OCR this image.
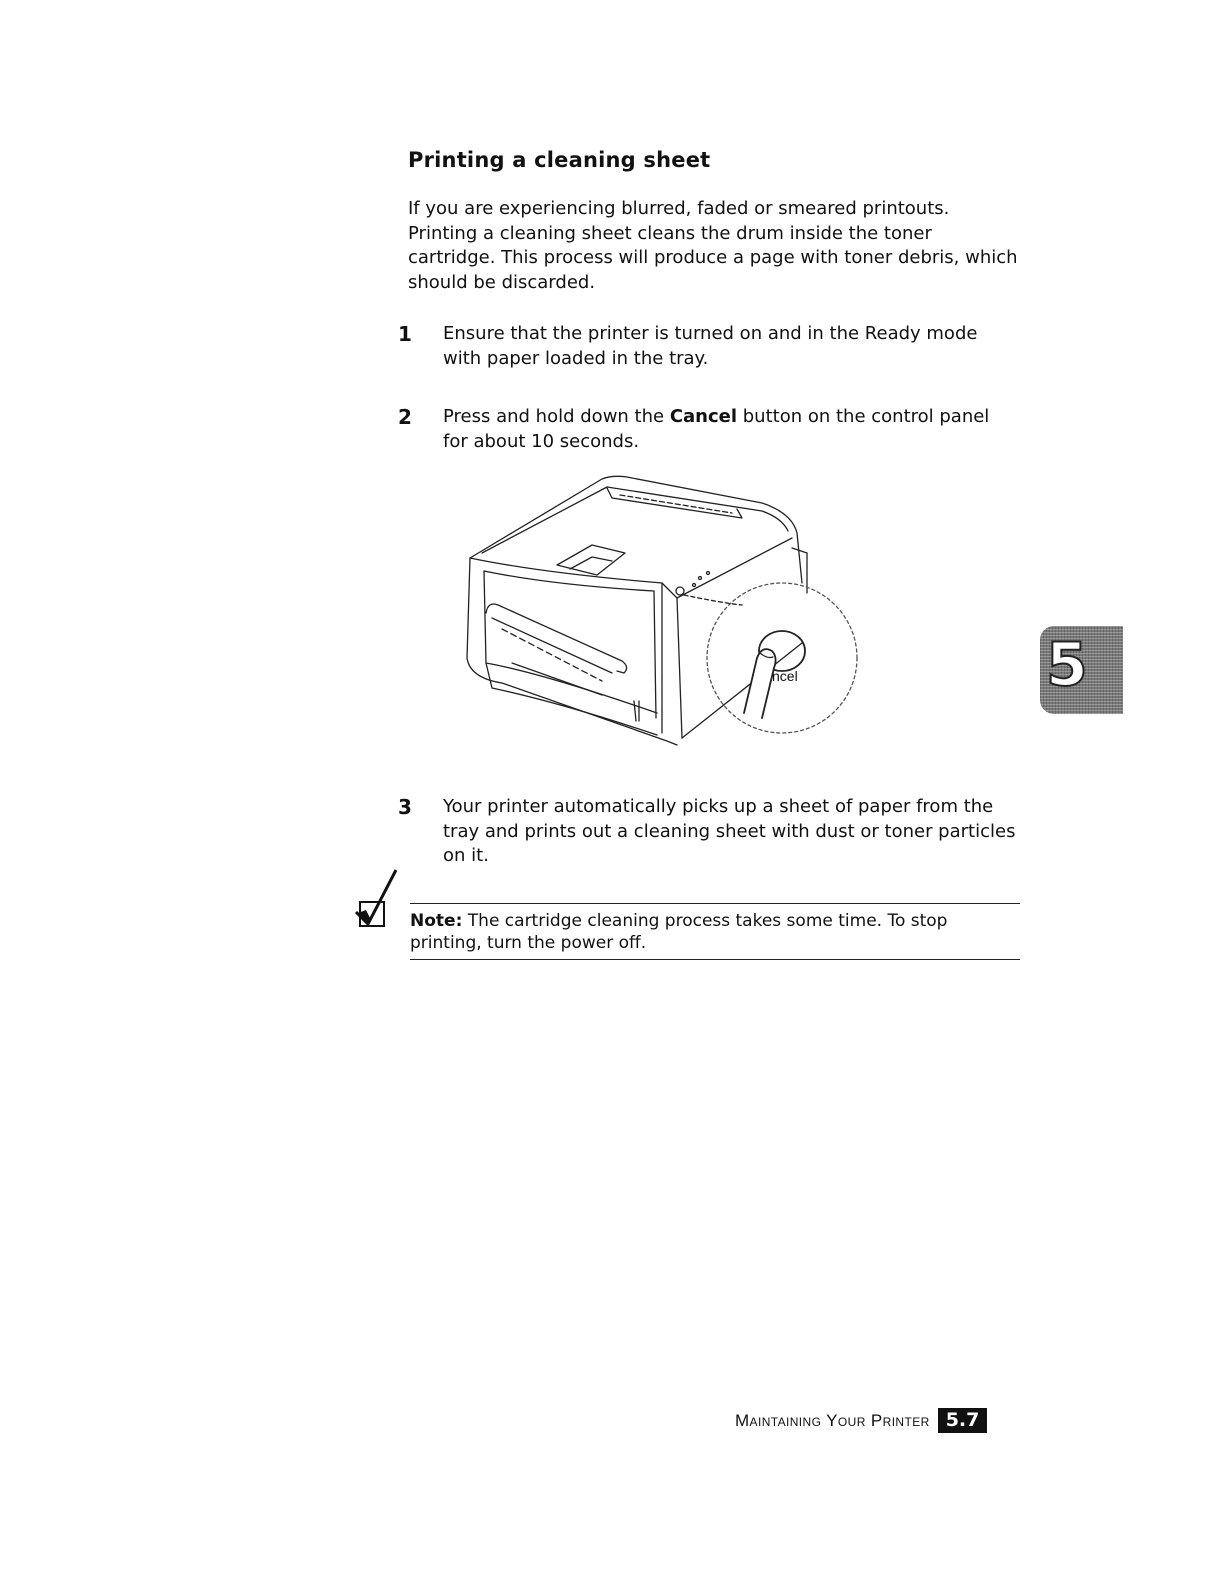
Printing a cleaning sheet

If you are experiencing blurred, faded or smeared printouts. Printing a cleaning sheet cleans the drum inside the toner cartridge. This process will produce a page with toner debris, which should be discarded.

1 Ensure that the printer is turned on and in the Ready mode with paper loaded in the tray.
2 Press and hold down the Cancel button on the control panel for about 10 seconds.
ncel
3 Your printer automatically picks up a sheet of paper from the tray and prints out a cleaning sheet with dust or toner particles on it.
Note: The cartridge cleaning process takes some time. To stop printing, turn the power off.
5
Maintaining Your Printer 5.7
